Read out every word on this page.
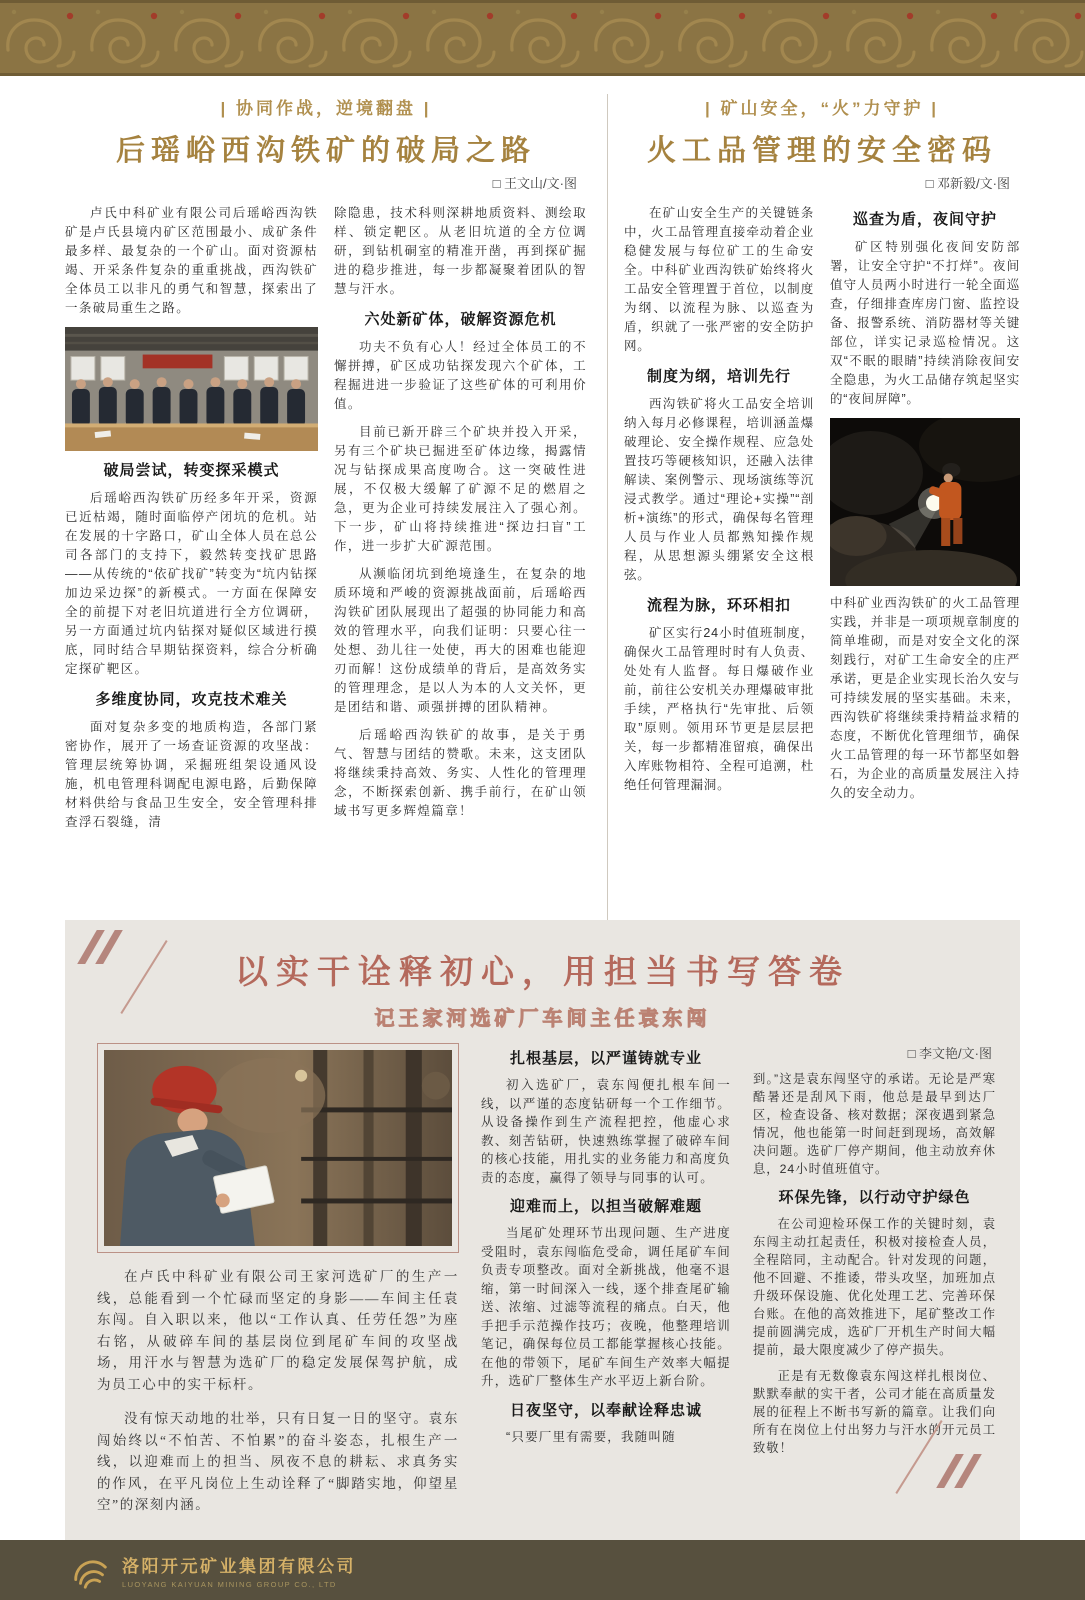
| 协同作战，逆境翻盘 |
后瑶峪西沟铁矿的破局之路
□ 王文山/文·图

卢氏中科矿业有限公司后瑶峪西沟铁矿是卢氏县境内矿区范围最小、成矿条件最多样、最复杂的一个矿山。面对资源枯竭、开采条件复杂的重重挑战，西沟铁矿全体员工以非凡的勇气和智慧，探索出了一条破局重生之路。

破局尝试，转变探采模式

后瑶峪西沟铁矿历经多年开采，资源已近枯竭，随时面临停产闭坑的危机。站在发展的十字路口，矿山全体人员在总公司各部门的支持下，毅然转变找矿思路——从传统的“依矿找矿”转变为“坑内钻探加边采边探”的新模式。一方面在保障安全的前提下对老旧坑道进行全方位调研，另一方面通过坑内钻探对疑似区域进行摸底，同时结合早期钻探资料，综合分析确定探矿靶区。

多维度协同，攻克技术难关

面对复杂多变的地质构造，各部门紧密协作，展开了一场查证资源的攻坚战：管理层统筹协调，采掘班组架设通风设施，机电管理科调配电源电路，后勤保障材料供给与食品卫生安全，安全管理科排查浮石裂缝，清

除隐患，技术科则深耕地质资料、测绘取样、锁定靶区。从老旧坑道的全方位调研，到钻机硐室的精准开凿，再到探矿掘进的稳步推进，每一步都凝聚着团队的智慧与汗水。

六处新矿体，破解资源危机

功夫不负有心人！经过全体员工的不懈拼搏，矿区成功钻探发现六个矿体，工程掘进进一步验证了这些矿体的可利用价值。

目前已新开辟三个矿块并投入开采，另有三个矿块已掘进至矿体边缘，揭露情况与钻探成果高度吻合。这一突破性进展，不仅极大缓解了矿源不足的燃眉之急，更为企业可持续发展注入了强心剂。下一步，矿山将持续推进“探边扫盲”工作，进一步扩大矿源范围。

从濒临闭坑到绝境逢生，在复杂的地质环境和严峻的资源挑战面前，后瑶峪西沟铁矿团队展现出了超强的协同能力和高效的管理水平，向我们证明：只要心往一处想、劲儿往一处使，再大的困难也能迎刃而解！这份成绩单的背后，是高效务实的管理理念，是以人为本的人文关怀，更是团结和谐、顽强拼搏的团队精神。

后瑶峪西沟铁矿的故事，是关于勇气、智慧与团结的赞歌。未来，这支团队将继续秉持高效、务实、人性化的管理理念，不断探索创新、携手前行，在矿山领域书写更多辉煌篇章！

| 矿山安全，“火”力守护 |
火工品管理的安全密码
□ 邓新毅/文·图

在矿山安全生产的关键链条中，火工品管理直接牵动着企业稳健发展与每位矿工的生命安全。中科矿业西沟铁矿始终将火工品安全管理置于首位，以制度为纲、以流程为脉、以巡查为盾，织就了一张严密的安全防护网。

制度为纲，培训先行

西沟铁矿将火工品安全培训纳入每月必修课程，培训涵盖爆破理论、安全操作规程、应急处置技巧等硬核知识，还融入法律解读、案例警示、现场演练等沉浸式教学。通过“理论+实操”“剖析+演练”的形式，确保每名管理人员与作业人员都熟知操作规程，从思想源头绷紧安全这根弦。

流程为脉，环环相扣

矿区实行24小时值班制度，确保火工品管理时时有人负责、处处有人监督。每日爆破作业前，前往公安机关办理爆破审批手续，严格执行“先审批、后领取”原则。领用环节更是层层把关，每一步都精准留痕，确保出入库账物相符、全程可追溯，杜绝任何管理漏洞。

巡查为盾，夜间守护

矿区特别强化夜间安防部署，让安全守护“不打烊”。夜间值守人员两小时进行一轮全面巡查，仔细排查库房门窗、监控设备、报警系统、消防器材等关键部位，详实记录巡检情况。这双“不眠的眼睛”持续消除夜间安全隐患，为火工品储存筑起坚实的“夜间屏障”。

中科矿业西沟铁矿的火工品管理实践，并非是一项项规章制度的简单堆砌，而是对安全文化的深刻践行，对矿工生命安全的庄严承诺，更是企业实现长治久安与可持续发展的坚实基础。未来，西沟铁矿将继续秉持精益求精的态度，不断优化管理细节，确保火工品管理的每一环节都坚如磐石，为企业的高质量发展注入持久的安全动力。

以实干诠释初心，用担当书写答卷
记王家河选矿厂车间主任袁东闯

在卢氏中科矿业有限公司王家河选矿厂的生产一线，总能看到一个忙碌而坚定的身影——车间主任袁东闯。自入职以来，他以“工作认真、任劳任怨”为座右铭，从破碎车间的基层岗位到尾矿车间的攻坚战场，用汗水与智慧为选矿厂的稳定发展保驾护航，成为员工心中的实干标杆。

没有惊天动地的壮举，只有日复一日的坚守。袁东闯始终以“不怕苦、不怕累”的奋斗姿态，扎根生产一线，以迎难而上的担当、夙夜不息的耕耘、求真务实的作风，在平凡岗位上生动诠释了“脚踏实地，仰望星空”的深刻内涵。

扎根基层，以严谨铸就专业

初入选矿厂，袁东闯便扎根车间一线，以严谨的态度钻研每一个工作细节。从设备操作到生产流程把控，他虚心求教、刻苦钻研，快速熟练掌握了破碎车间的核心技能，用扎实的业务能力和高度负责的态度，赢得了领导与同事的认可。

迎难而上，以担当破解难题

当尾矿处理环节出现问题、生产进度受阻时，袁东闯临危受命，调任尾矿车间负责专项整改。面对全新挑战，他毫不退缩，第一时间深入一线，逐个排查尾矿输送、浓缩、过滤等流程的痛点。白天，他手把手示范操作技巧；夜晚，他整理培训笔记，确保每位员工都能掌握核心技能。在他的带领下，尾矿车间生产效率大幅提升，选矿厂整体生产水平迈上新台阶。

日夜坚守，以奉献诠释忠诚

“只要厂里有需要，我随叫随

□ 李文艳/文·图

到。”这是袁东闯坚守的承诺。无论是严寒酷暑还是刮风下雨，他总是最早到达厂区，检查设备、核对数据；深夜遇到紧急情况，他也能第一时间赶到现场，高效解决问题。选矿厂停产期间，他主动放弃休息，24小时值班值守。

环保先锋，以行动守护绿色

在公司迎检环保工作的关键时刻，袁东闯主动扛起责任，积极对接检查人员，全程陪同，主动配合。针对发现的问题，他不回避、不推诿，带头攻坚，加班加点升级环保设施、优化处理工艺、完善环保台账。在他的高效推进下，尾矿整改工作提前圆满完成，选矿厂开机生产时间大幅提前，最大限度减少了停产损失。

正是有无数像袁东闯这样扎根岗位、默默奉献的实干者，公司才能在高质量发展的征程上不断书写新的篇章。让我们向所有在岗位上付出努力与汗水的开元员工致敬！

洛阳开元矿业集团有限公司
LUOYANG KAIYUAN MINING GROUP CO., LTD
